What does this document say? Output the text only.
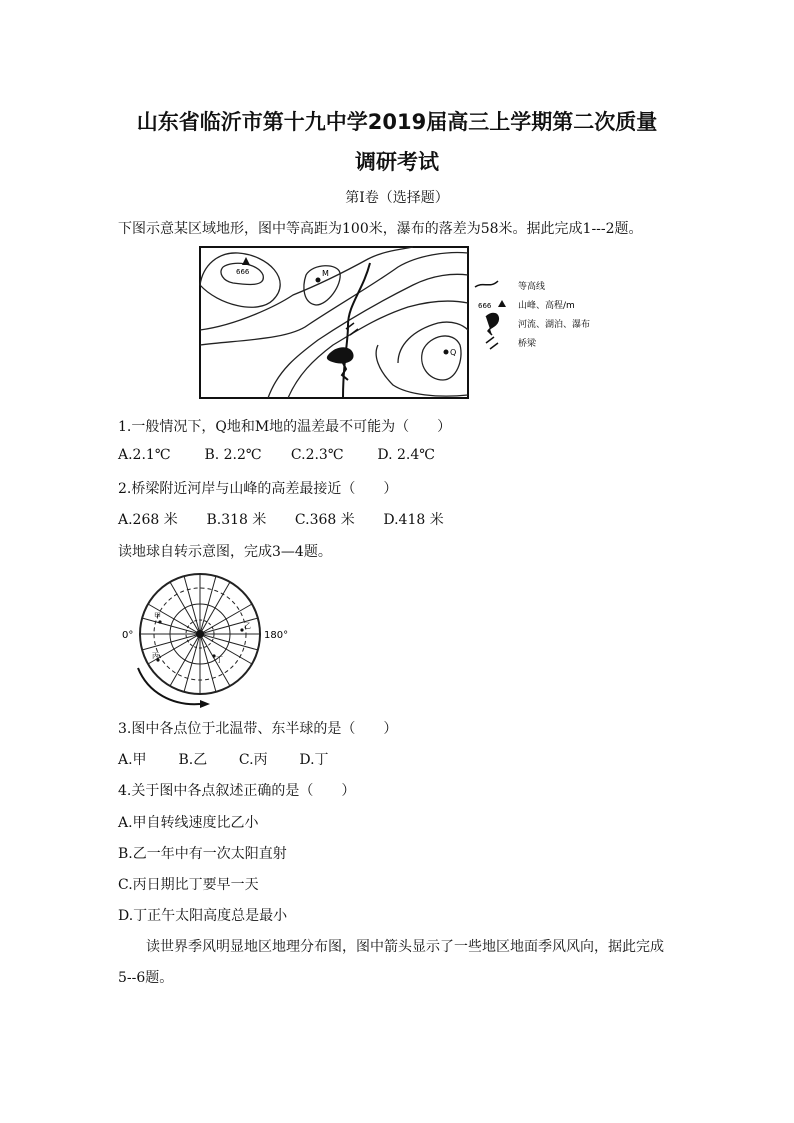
山东省临沂市第十九中学2019届高三上学期第二次质量
调研考试
第Ⅰ卷（选择题）
下图示意某区域地形，图中等高距为100米，瀑布的落差为58米。据此完成1---2题。
666	M
Q
等高线
666	山峰、高程/m
河流、湖泊、瀑布
桥梁
1.一般情况下，Q地和M地的温差最不可能为（　　）
A.2.1℃ B. 2.2℃ C.2.3℃ D. 2.4℃
2.桥梁附近河岸与山峰的高差最接近（　　）
A.268 米 B.318 米 C.368 米 D.418 米
读地球自转示意图，完成3—4题。
0°	180°
甲
乙
丙	丁
3.图中各点位于北温带、东半球的是（　　）
A.甲 B.乙 C.丙 D.丁
4.关于图中各点叙述正确的是（　　）
A.甲自转线速度比乙小
B.乙一年中有一次太阳直射
C.丙日期比丁要早一天
D.丁正午太阳高度总是最小
读世界季风明显地区地理分布图，图中箭头显示了一些地区地面季风风向，据此完成
5--6题。
